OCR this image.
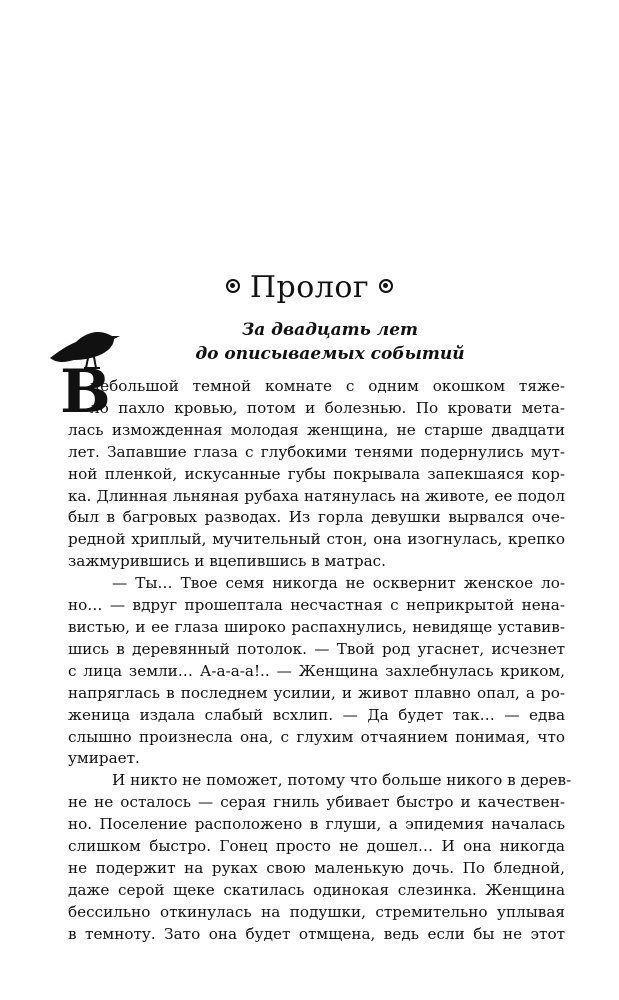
Пролог
За двадцать лет
до описываемых событий
В
небольшой темной комнате с одним окошком тяже-
ло пахло кровью, потом и болезнью. По кровати мета-
лась изможденная молодая женщина, не старше двадцати
лет. Запавшие глаза с глубокими тенями подернулись мут-
ной пленкой, искусанные губы покрывала запекшаяся кор-
ка. Длинная льняная рубаха натянулась на животе, ее подол
был в багровых разводах. Из горла девушки вырвался оче-
редной хриплый, мучительный стон, она изогнулась, крепко
зажмурившись и вцепившись в матрас.
— Ты… Твое семя никогда не осквернит женское ло-
но… — вдруг прошептала несчастная с неприкрытой нена-
вистью, и ее глаза широко распахнулись, невидяще уставив-
шись в деревянный потолок. — Твой род угаснет, исчезнет
с лица земли… А-а-а-а!.. — Женщина захлебнулась криком,
напряглась в последнем усилии, и живот плавно опал, а ро-
женица издала слабый всхлип. — Да будет так… — едва
слышно произнесла она, с глухим отчаянием понимая, что
умирает.
И никто не поможет, потому что больше никого в дерев-
не не осталось — серая гниль убивает быстро и качествен-
но. Поселение расположено в глуши, а эпидемия началась
слишком быстро. Гонец просто не дошел… И она никогда
не подержит на руках свою маленькую дочь. По бледной,
даже серой щеке скатилась одинокая слезинка. Женщина
бессильно откинулась на подушки, стремительно уплывая
в темноту. Зато она будет отмщена, ведь если бы не этот
